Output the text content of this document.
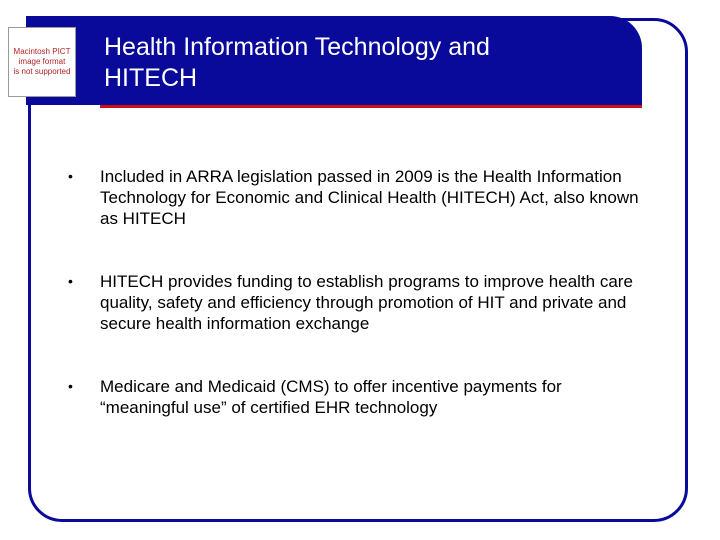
Macintosh PICT
image format
is not supported
Health Information Technology and
HITECH
• Included in ARRA legislation passed in 2009 is the Health Information Technology for Economic and Clinical Health (HITECH) Act, also known as HITECH
• HITECH provides funding to establish programs to improve health care quality, safety and efficiency through promotion of HIT and private and secure health information exchange
• Medicare and Medicaid (CMS) to offer incentive payments for “meaningful use” of certified EHR technology
